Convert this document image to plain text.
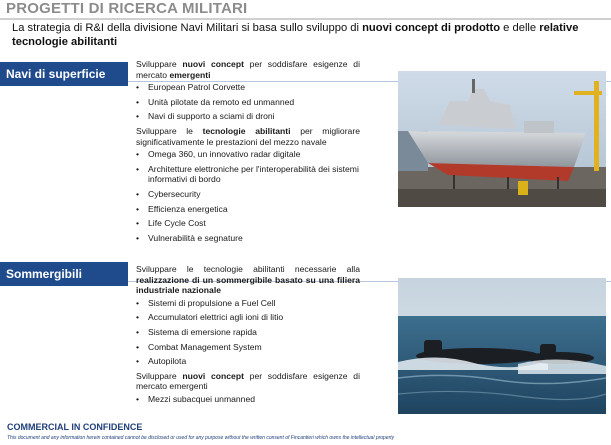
PROGETTI DI RICERCA MILITARI
La strategia di R&I della divisione Navi Militari si basa sullo sviluppo di nuovi concept di prodotto e delle relative tecnologie abilitanti
Navi di superficie
Sviluppare nuovi concept per soddisfare esigenze di mercato emergenti
• European Patrol Corvette
• Unità pilotate da remoto ed unmanned
• Navi di supporto a sciami di droni
Sviluppare le tecnologie abilitanti per migliorare significativamente le prestazioni del mezzo navale
• Omega 360, un innovativo radar digitale
• Architetture elettroniche per l'interoperabilità dei sistemi informativi di bordo
• Cybersecurity
• Efficienza energetica
• Life Cycle Cost
• Vulnerabilità e segnature
Sommergibili	Sviluppare le tecnologie abilitanti necessarie alla realizzazione di un sommergibile basato su una filiera industriale nazionale
• Sistemi di propulsione a Fuel Cell
• Accumulatori elettrici agli ioni di litio
• Sistema di emersione rapida
• Combat Management System
• Autopilota
Sviluppare nuovi concept per soddisfare esigenze di mercato emergenti
• Mezzi subacquei unmanned
COMMERCIAL IN CONFIDENCE
This document and any information herein contained cannot be disclosed or used for any purpose without the written consent of Fincantieri which owns the intellectual property
